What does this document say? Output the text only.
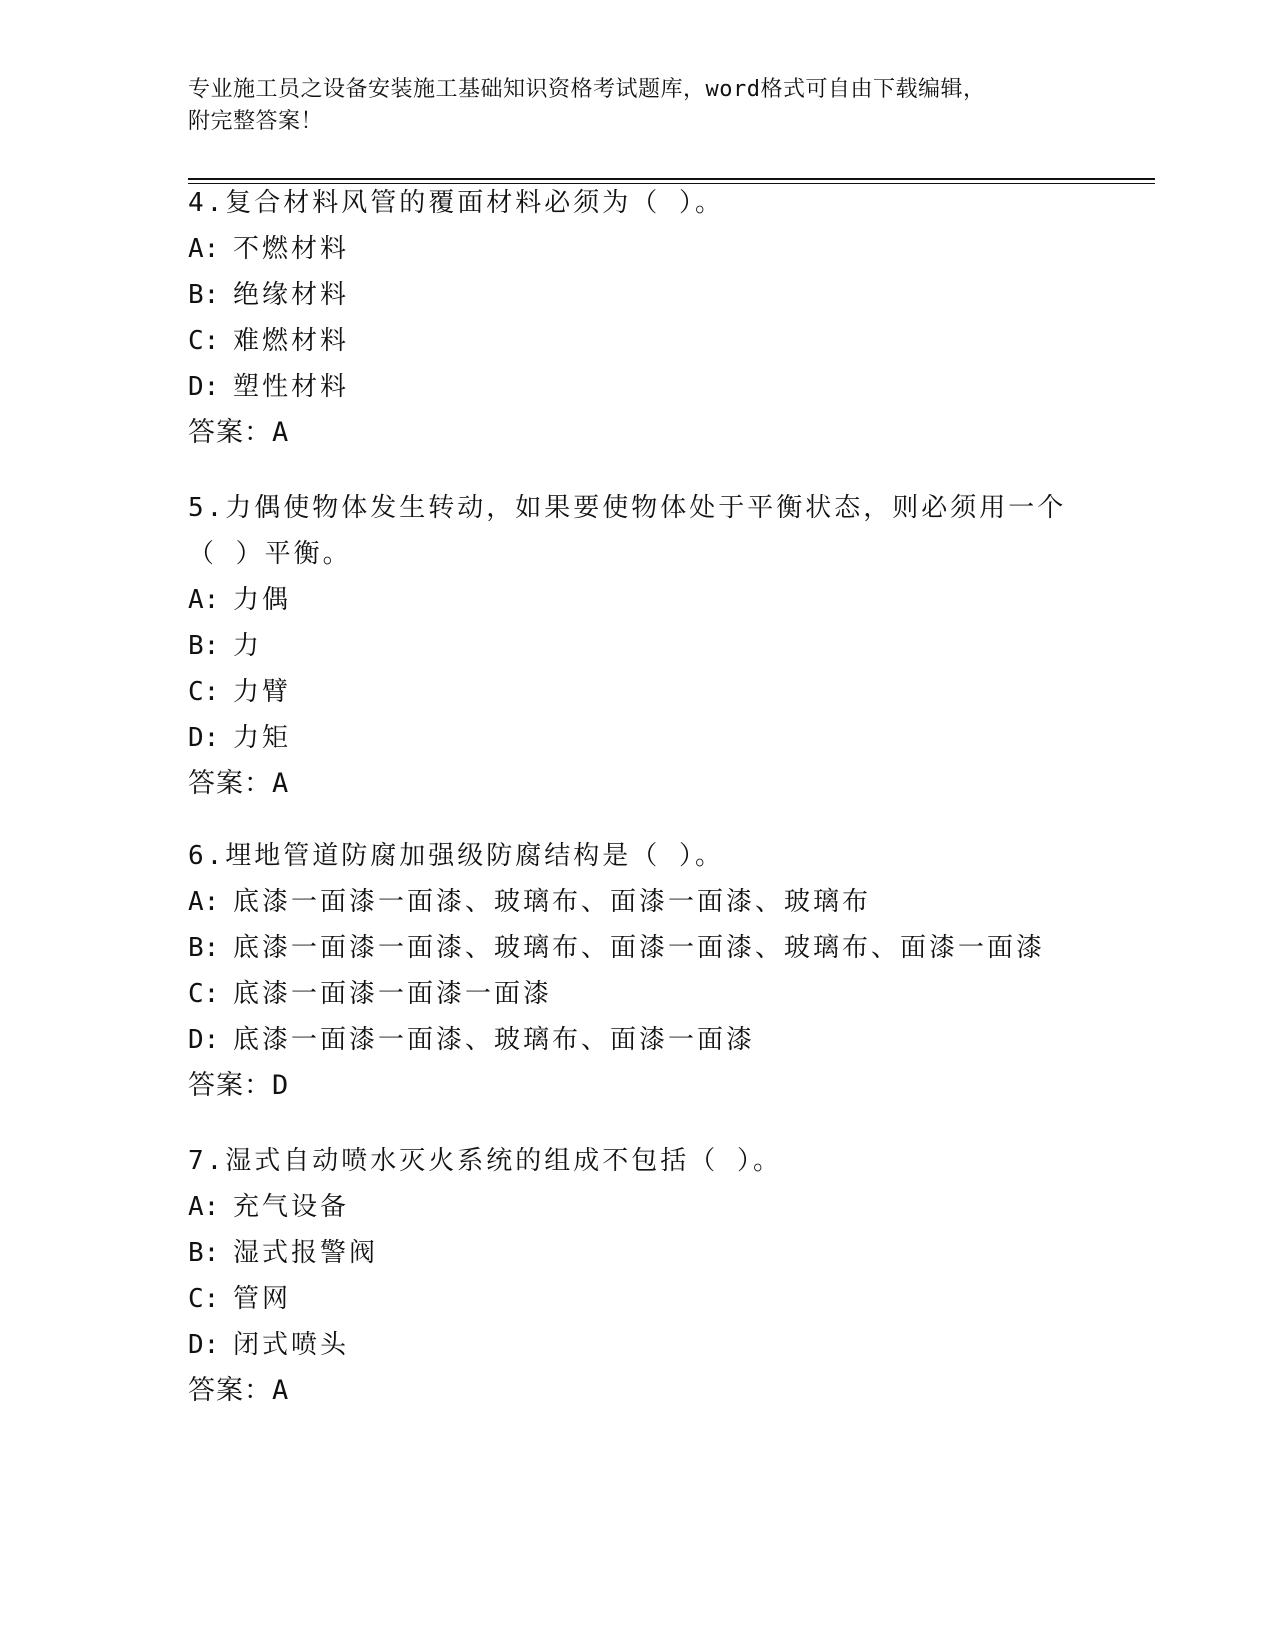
专业施工员之设备安装施工基础知识资格考试题库，word格式可自由下载编辑，
附完整答案！
4.复合材料风管的覆面材料必须为（ ）。
A: 不燃材料
B: 绝缘材料
C: 难燃材料
D: 塑性材料
答案：A
5.力偶使物体发生转动，如果要使物体处于平衡状态，则必须用一个
（ ）平衡。
A: 力偶
B: 力
C: 力臂
D: 力矩
答案：A
6.埋地管道防腐加强级防腐结构是（ ）。
A: 底漆一面漆一面漆、玻璃布、面漆一面漆、玻璃布
B: 底漆一面漆一面漆、玻璃布、面漆一面漆、玻璃布、面漆一面漆
C: 底漆一面漆一面漆一面漆
D: 底漆一面漆一面漆、玻璃布、面漆一面漆
答案：D
7.湿式自动喷水灭火系统的组成不包括（ ）。
A: 充气设备
B: 湿式报警阀
C: 管网
D: 闭式喷头
答案：A
